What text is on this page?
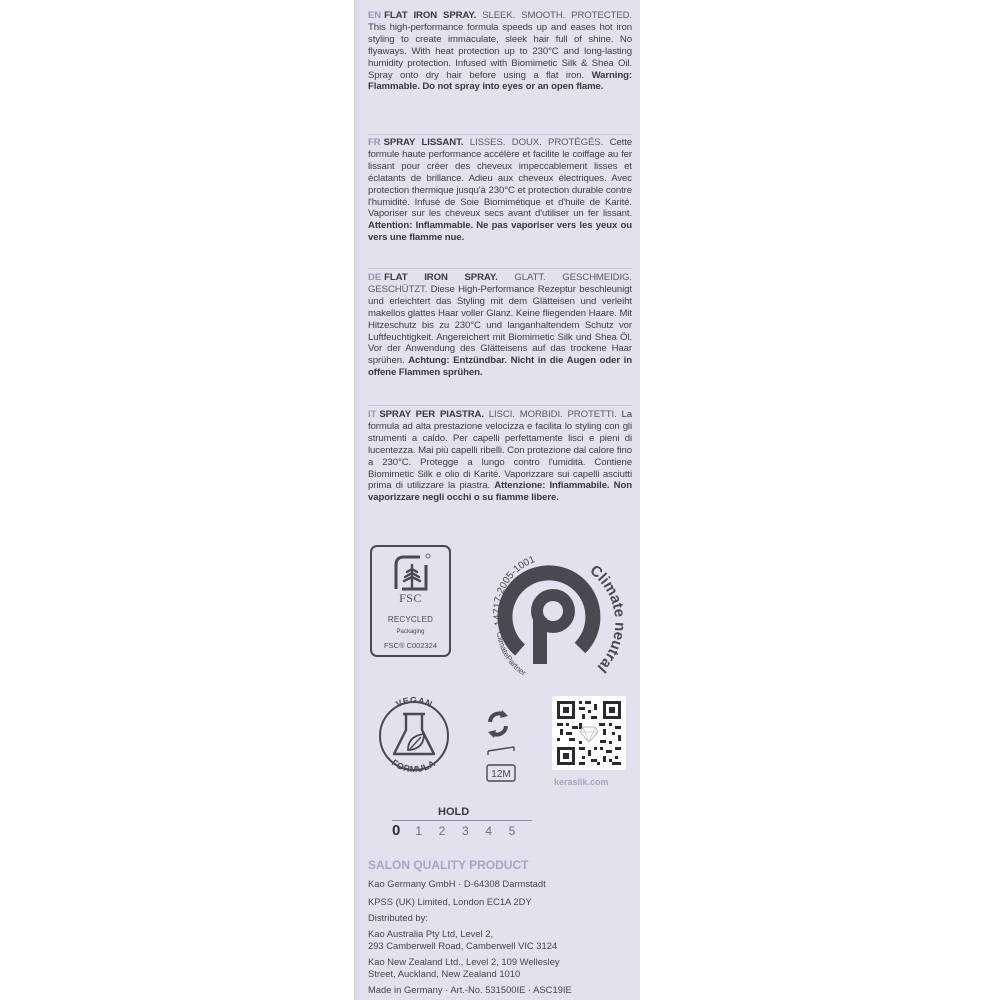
EN FLAT IRON SPRAY. SLEEK. SMOOTH. PROTECTED. This high-performance formula speeds up and eases hot iron styling to create immaculate, sleek hair full of shine. No flyaways. With heat protection up to 230°C and long-lasting humidity protection. Infused with Biomimetic Silk & Shea Oil. Spray onto dry hair before using a flat iron. Warning: Flammable. Do not spray into eyes or an open flame.
FR SPRAY LISSANT. LISSES. DOUX. PROTÉGÉS. Cette formule haute performance accélère et facilite le coiffage au fer lissant pour créer des cheveux impeccablement lisses et éclatants de brillance. Adieu aux cheveux électriques. Avec protection thermique jusqu'à 230°C et protection durable contre l'humidité. Infusé de Soie Biomimétique et d'huile de Karité. Vaporiser sur les cheveux secs avant d'utiliser un fer lissant. Attention: Inflammable. Ne pas vaporiser vers les yeux ou vers une flamme nue.
DE FLAT IRON SPRAY. GLATT. GESCHMEIDIG. GESCHÜTZT. Diese High-Performance Rezeptur beschleunigt und erleichtert das Styling mit dem Glätteisen und verleiht makellos glattes Haar voller Glanz. Keine fliegenden Haare. Mit Hitzeschutz bis zu 230°C und langanhaltendem Schutz vor Luftfeuchtigkeit. Angereichert mit Biomimetic Silk und Shea Öl. Vor der Anwendung des Glätteisens auf das trockene Haar sprühen. Achtung: Entzündbar. Nicht in die Augen oder in offene Flammen sprühen.
IT SPRAY PER PIASTRA. LISCI. MORBIDI. PROTETTI. La formula ad alta prestazione velocizza e facilita lo styling con gli strumenti a caldo. Per capelli perfettamente lisci e pieni di lucentezza. Mai più capelli ribelli. Con protezione dal calore fino a 230°C. Protegge a lungo contro l'umidità. Contiene Biomimetic Silk e olio di Karité. Vaporizzare sui capelli asciutti prima di utilizzare la piastra. Attenzione: Infiammabile. Non vaporizzare negli occhi o su fiamme libere.
FSC
RECYCLED
Packaging
FSC® C002324
14717-2005-1001
Climate neutral
ClimatePartner
VEGAN
FORMULA
12M
kerasilk.com
HOLD
0	1	2	3	4	5
SALON QUALITY PRODUCT
Kao Germany GmbH · D-64308 Darmstadt
KPSS (UK) Limited, London EC1A 2DY
Distributed by:
Kao Australia Pty Ltd, Level 2,
293 Camberwell Road, Camberwell VIC 3124
Kao New Zealand Ltd., Level 2, 109 Wellesley
Street, Auckland, New Zealand 1010
Made in Germany · Art.-No. 531500IE · ASC19IE
